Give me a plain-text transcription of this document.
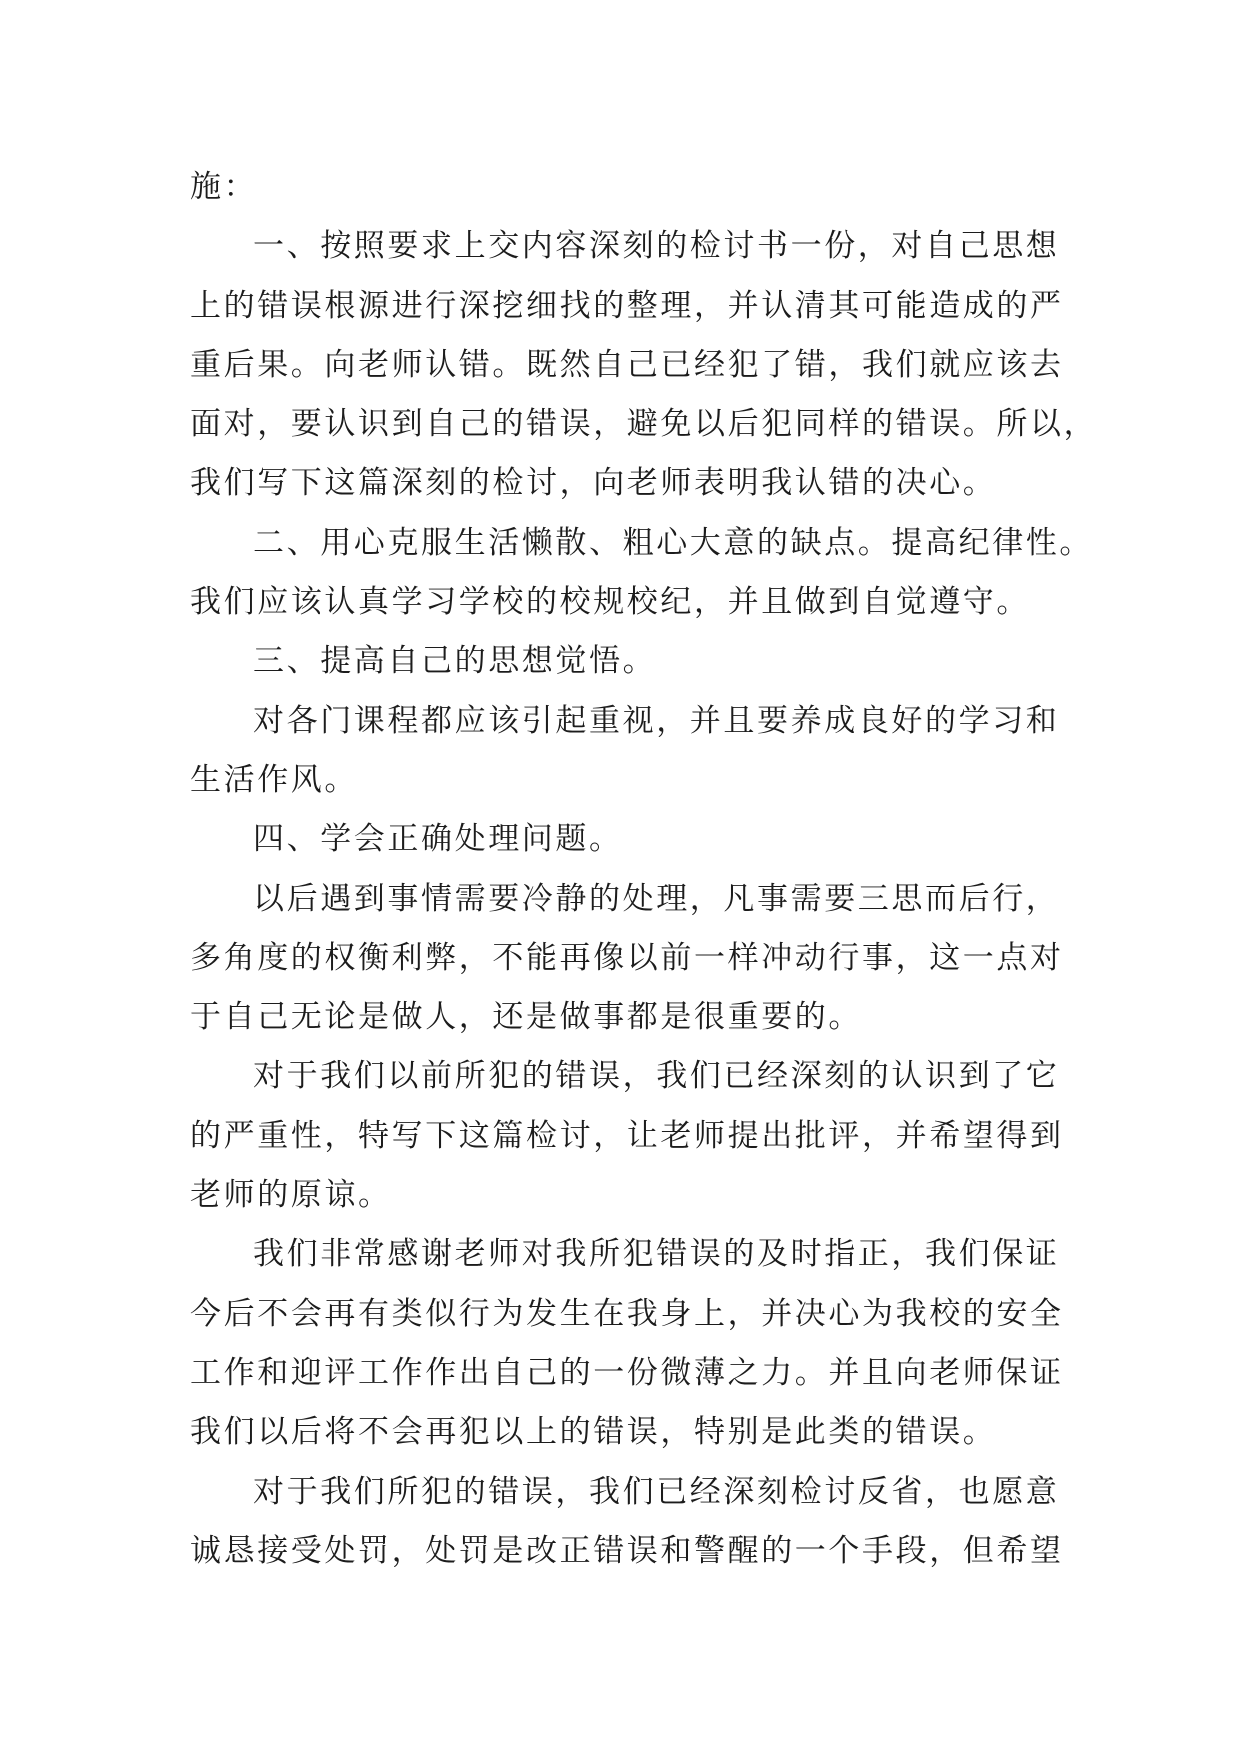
施：
一、按照要求上交内容深刻的检讨书一份，对自己思想
上的错误根源进行深挖细找的整理，并认清其可能造成的严
重后果。向老师认错。既然自己已经犯了错，我们就应该去
面对，要认识到自己的错误，避免以后犯同样的错误。所以，
我们写下这篇深刻的检讨，向老师表明我认错的决心。
二、用心克服生活懒散、粗心大意的缺点。提高纪律性。
我们应该认真学习学校的校规校纪，并且做到自觉遵守。
三、提高自己的思想觉悟。
对各门课程都应该引起重视，并且要养成良好的学习和
生活作风。
四、学会正确处理问题。
以后遇到事情需要冷静的处理，凡事需要三思而后行，
多角度的权衡利弊，不能再像以前一样冲动行事，这一点对
于自己无论是做人，还是做事都是很重要的。
对于我们以前所犯的错误，我们已经深刻的认识到了它
的严重性，特写下这篇检讨，让老师提出批评，并希望得到
老师的原谅。
我们非常感谢老师对我所犯错误的及时指正，我们保证
今后不会再有类似行为发生在我身上，并决心为我校的安全
工作和迎评工作作出自己的一份微薄之力。并且向老师保证
我们以后将不会再犯以上的错误，特别是此类的错误。
对于我们所犯的错误，我们已经深刻检讨反省，也愿意
诚恳接受处罚，处罚是改正错误和警醒的一个手段，但希望
